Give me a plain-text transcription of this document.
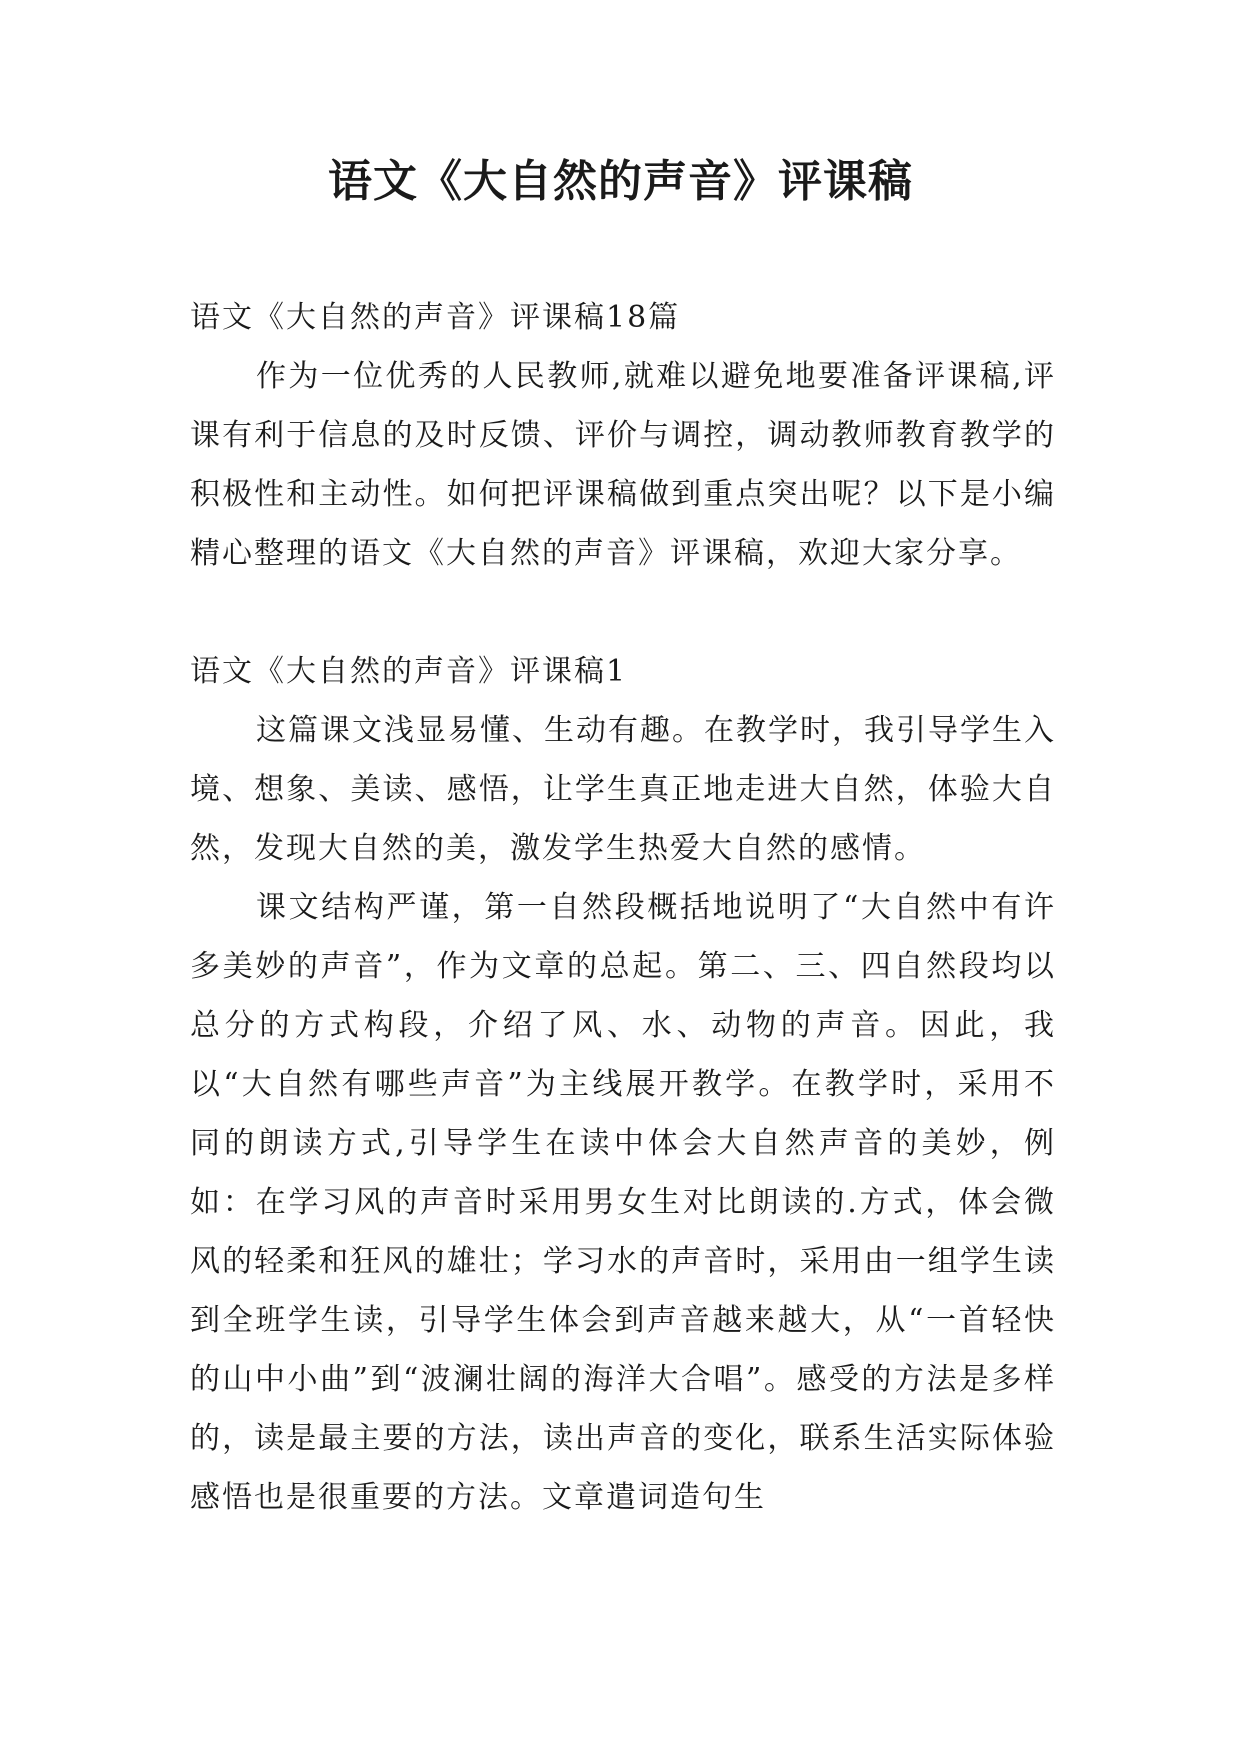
语文《大自然的声音》评课稿

语文《大自然的声音》评课稿18篇

作为一位优秀的人民教师,就难以避免地要准备评课稿,评课有利于信息的及时反馈、评价与调控，调动教师教育教学的积极性和主动性。如何把评课稿做到重点突出呢？以下是小编精心整理的语文《大自然的声音》评课稿，欢迎大家分享。

语文《大自然的声音》评课稿1

这篇课文浅显易懂、生动有趣。在教学时，我引导学生入境、想象、美读、感悟，让学生真正地走进大自然，体验大自然，发现大自然的美，激发学生热爱大自然的感情。

课文结构严谨，第一自然段概括地说明了“大自然中有许多美妙的声音”，作为文章的总起。第二、三、四自然段均以总分的方式构段，介绍了风、水、动物的声音。因此，我以“大自然有哪些声音”为主线展开教学。在教学时，采用不同的朗读方式,引导学生在读中体会大自然声音的美妙，例如：在学习风的声音时采用男女生对比朗读的.方式，体会微风的轻柔和狂风的雄壮；学习水的声音时，采用由一组学生读到全班学生读，引导学生体会到声音越来越大，从“一首轻快的山中小曲”到“波澜壮阔的海洋大合唱”。感受的方法是多样的，读是最主要的方法，读出声音的变化，联系生活实际体验感悟也是很重要的方法。文章遣词造句生
